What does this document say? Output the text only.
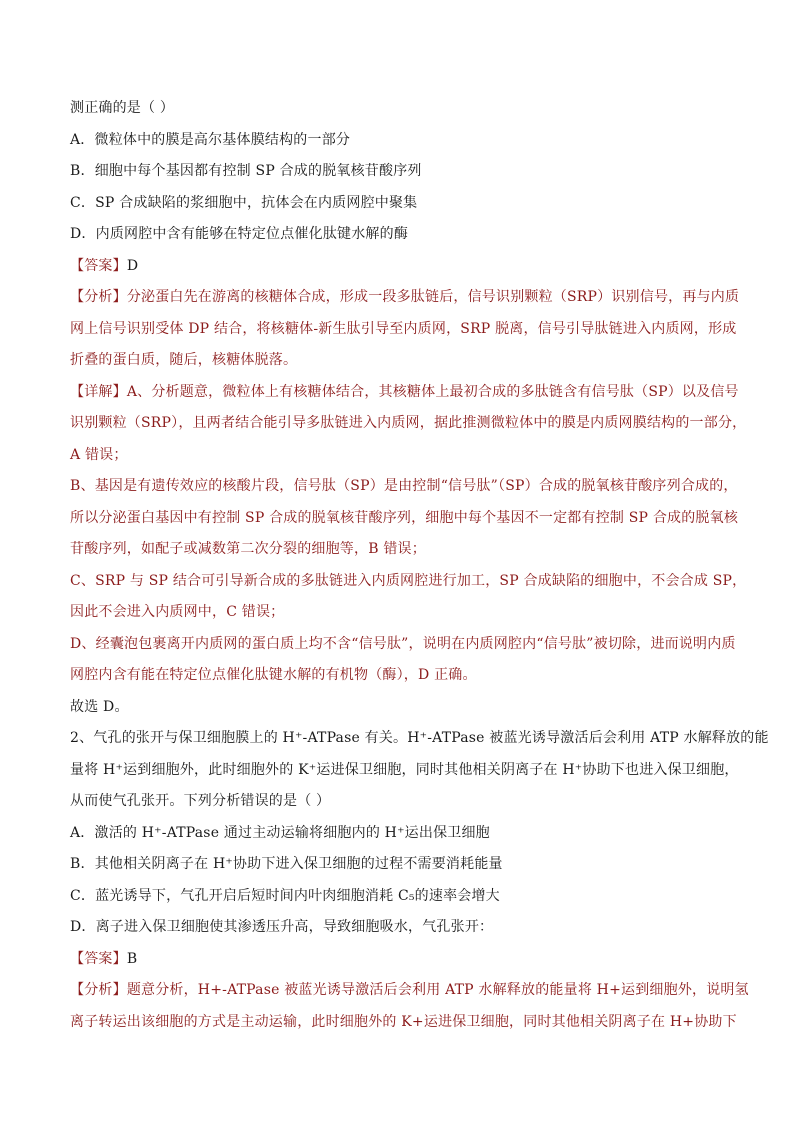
测正确的是（ ）
A．微粒体中的膜是高尔基体膜结构的一部分
B．细胞中每个基因都有控制 SP 合成的脱氧核苷酸序列
C．SP 合成缺陷的浆细胞中，抗体会在内质网腔中聚集
D．内质网腔中含有能够在特定位点催化肽键水解的酶
【答案】D
【分析】分泌蛋白先在游离的核糖体合成，形成一段多肽链后，信号识别颗粒（SRP）识别信号，再与内质
网上信号识别受体 DP 结合，将核糖体-新生肽引导至内质网，SRP 脱离，信号引导肽链进入内质网，形成
折叠的蛋白质，随后，核糖体脱落。
【详解】A、分析题意，微粒体上有核糖体结合，其核糖体上最初合成的多肽链含有信号肽（SP）以及信号
识别颗粒（SRP），且两者结合能引导多肽链进入内质网，据此推测微粒体中的膜是内质网膜结构的一部分，
A 错误；
B、基因是有遗传效应的核酸片段，信号肽（SP）是由控制“信号肽”（SP）合成的脱氧核苷酸序列合成的，
所以分泌蛋白基因中有控制 SP 合成的脱氧核苷酸序列，细胞中每个基因不一定都有控制 SP 合成的脱氧核
苷酸序列，如配子或减数第二次分裂的细胞等，B 错误；
C、SRP 与 SP 结合可引导新合成的多肽链进入内质网腔进行加工，SP 合成缺陷的细胞中，不会合成 SP，
因此不会进入内质网中，C 错误；
D、经囊泡包裹离开内质网的蛋白质上均不含“信号肽”，说明在内质网腔内“信号肽”被切除，进而说明内质
网腔内含有能在特定位点催化肽键水解的有机物（酶），D 正确。
故选 D。
2、气孔的张开与保卫细胞膜上的 H⁺-ATPase 有关。H⁺-ATPase 被蓝光诱导激活后会利用 ATP 水解释放的能
量将 H⁺运到细胞外，此时细胞外的 K⁺运进保卫细胞，同时其他相关阴离子在 H⁺协助下也进入保卫细胞，
从而使气孔张开。下列分析错误的是（ ）
A．激活的 H⁺-ATPase 通过主动运输将细胞内的 H⁺运出保卫细胞
B．其他相关阴离子在 H⁺协助下进入保卫细胞的过程不需要消耗能量
C．蓝光诱导下，气孔开启后短时间内叶肉细胞消耗 C₅的速率会增大
D．离子进入保卫细胞使其渗透压升高，导致细胞吸水，气孔张开：
【答案】B
【分析】题意分析，H+-ATPase 被蓝光诱导激活后会利用 ATP 水解释放的能量将 H+运到细胞外，说明氢
离子转运出该细胞的方式是主动运输，此时细胞外的 K+运进保卫细胞，同时其他相关阴离子在 H+协助下
